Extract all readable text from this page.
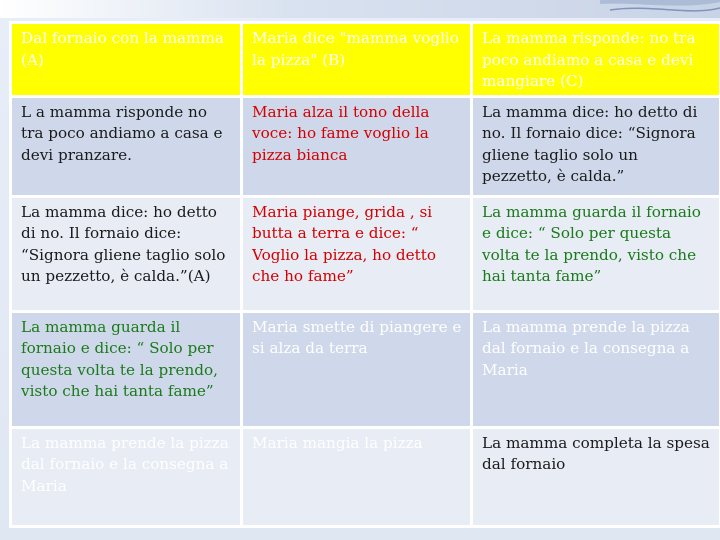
Dal fornaio con la mamma (A)	Maria dice "mamma voglio la pizza" (B)	La mamma risponde: no tra poco andiamo a casa e devi mangiare (C)
L a mamma risponde no tra poco andiamo a casa e devi pranzare.	Maria alza il tono della voce: ho fame voglio la pizza bianca	La mamma dice: ho detto di no. Il fornaio dice: “Signora gliene taglio solo un pezzetto, è calda.”
La mamma dice: ho detto di no. Il fornaio dice: “Signora gliene taglio solo un pezzetto, è calda.”(A)	Maria piange, grida , si butta a terra e dice: “ Voglio la pizza, ho detto che ho fame”	La mamma guarda il fornaio e dice: “ Solo per questa volta te la prendo, visto che hai tanta fame”
La mamma guarda il fornaio e dice: “ Solo per questa volta te la prendo, visto che hai tanta fame”	Maria smette di piangere e si alza da terra	La mamma prende la pizza dal fornaio e la consegna a Maria
La mamma prende la pizza dal fornaio e la consegna a Maria	Maria mangia la pizza	La mamma completa la spesa dal fornaio
